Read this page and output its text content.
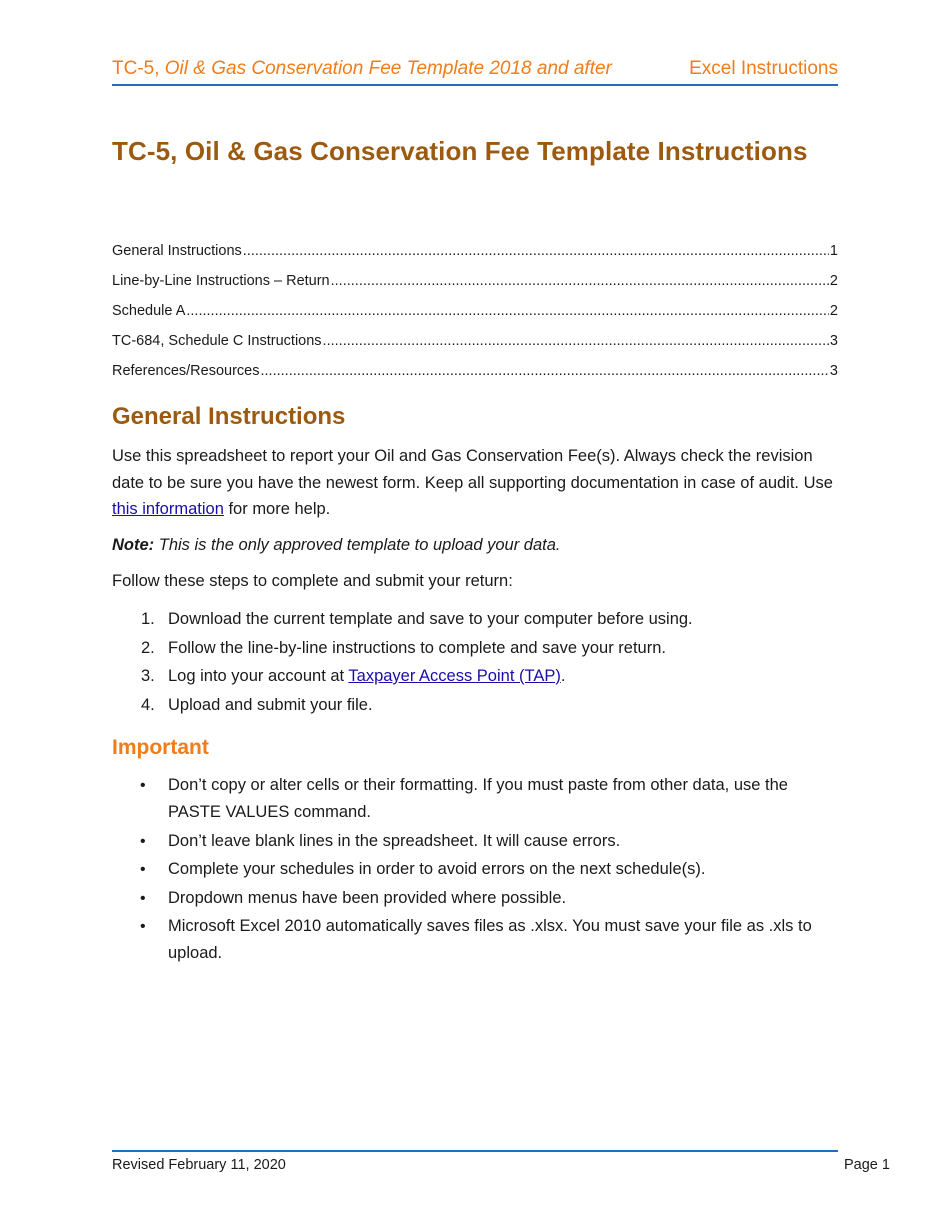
TC-5, Oil & Gas Conservation Fee Template 2018 and after	Excel Instructions
TC-5, Oil & Gas Conservation Fee Template Instructions
General Instructions .....	1
Line-by-Line Instructions – Return .....	2
Schedule A .....	2
TC-684, Schedule C Instructions .....	3
References/Resources .....	3
General Instructions
Use this spreadsheet to report your Oil and Gas Conservation Fee(s). Always check the revision date to be sure you have the newest form. Keep all supporting documentation in case of audit. Use this information for more help.
Note: This is the only approved template to upload your data.
Follow these steps to complete and submit your return:
1. Download the current template and save to your computer before using.
2. Follow the line-by-line instructions to complete and save your return.
3. Log into your account at Taxpayer Access Point (TAP).
4. Upload and submit your file.
Important
• Don’t copy or alter cells or their formatting. If you must paste from other data, use the PASTE VALUES command.
• Don’t leave blank lines in the spreadsheet. It will cause errors.
• Complete your schedules in order to avoid errors on the next schedule(s).
• Dropdown menus have been provided where possible.
• Microsoft Excel 2010 automatically saves files as .xlsx. You must save your file as .xls to upload.
Revised February 11, 2020	Page 1
